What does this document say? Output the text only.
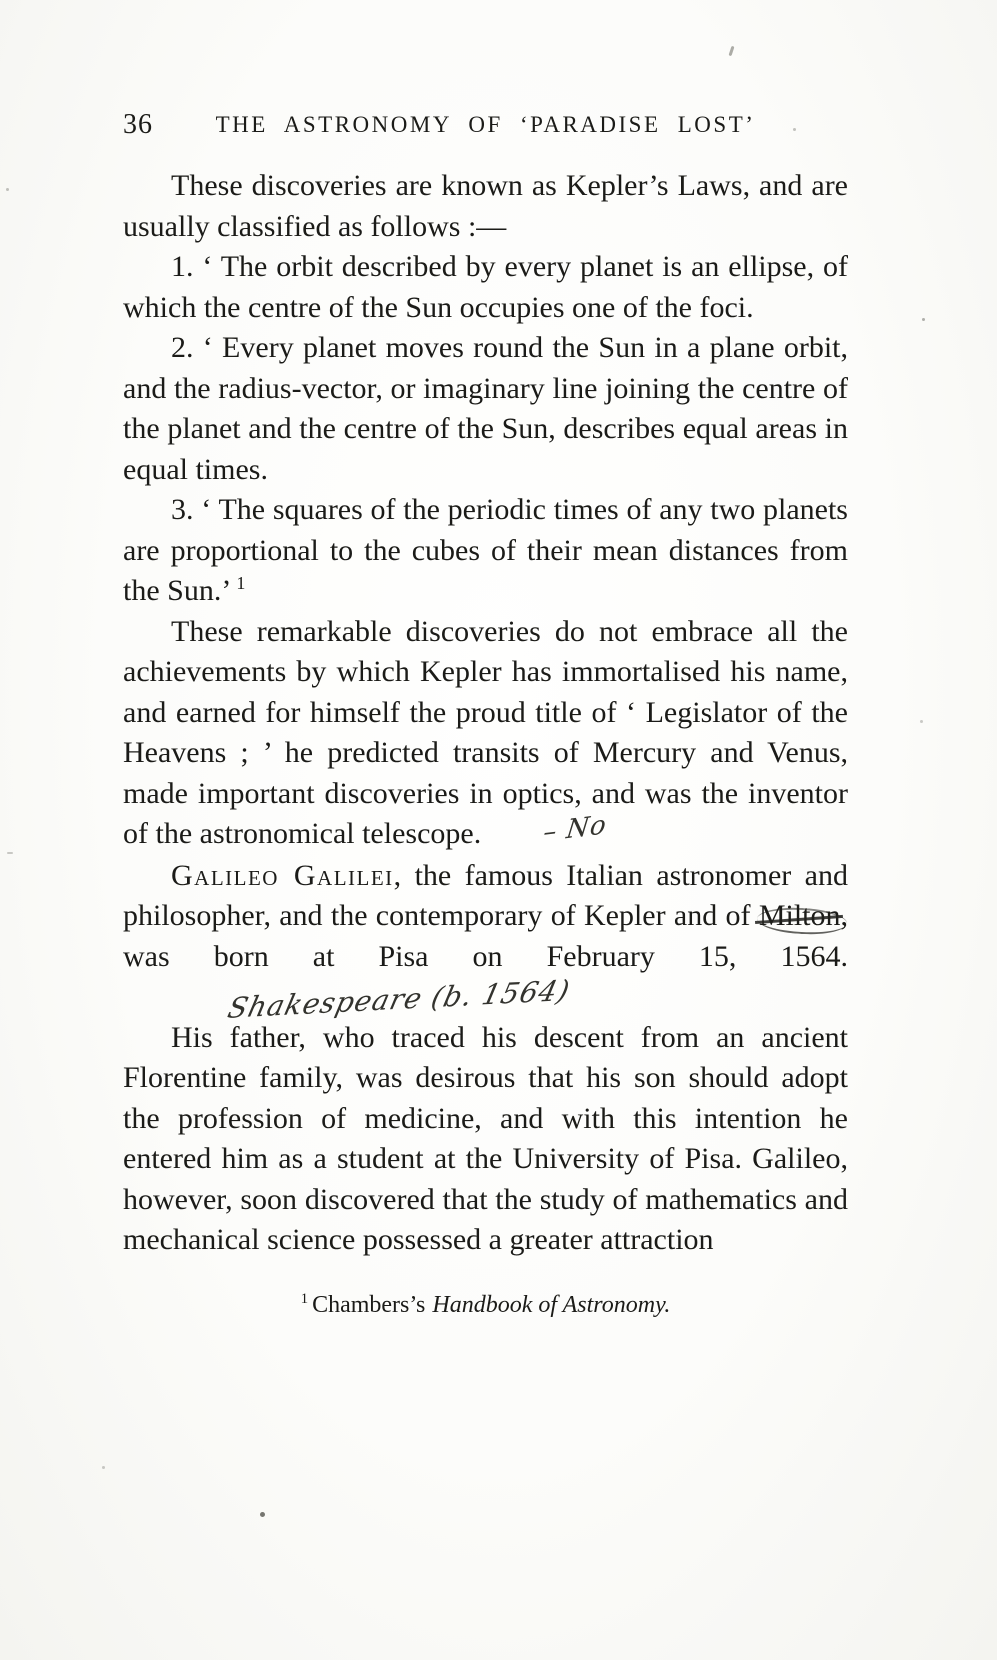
36	THE ASTRONOMY OF ‘PARADISE LOST’

These discoveries are known as Kepler’s Laws, and are usually classified as follows :—

1. ‘ The orbit described by every planet is an ellipse, of which the centre of the Sun occupies one of the foci.

2. ‘ Every planet moves round the Sun in a plane orbit, and the radius-vector, or imaginary line joining the centre of the planet and the centre of the Sun, describes equal areas in equal times.

3. ‘ The squares of the periodic times of any two planets are proportional to the cubes of their mean distances from the Sun.’ $^1$

These remarkable discoveries do not embrace all the achievements by which Kepler has immortalised his name, and earned for himself the proud title of ‘ Legislator of the Heavens ; ’ he predicted transits of Mercury and Venus, made important discoveries in optics, and was the inventor of the astronomical telescope. – No

Galileo Galilei, the famous Italian astronomer and philosopher, and the contemporary of Kepler and of Milton, was born at Pisa on February 15, 1564.Shakespeare (b. 1564)

His father, who traced his descent from an ancient Florentine family, was desirous that his son should adopt the profession of medicine, and with this intention he entered him as a student at the University of Pisa. Galileo, however, soon discovered that the study of mathematics and mechanical science possessed a greater attraction

$^1$ Chambers’s Handbook of Astronomy.
